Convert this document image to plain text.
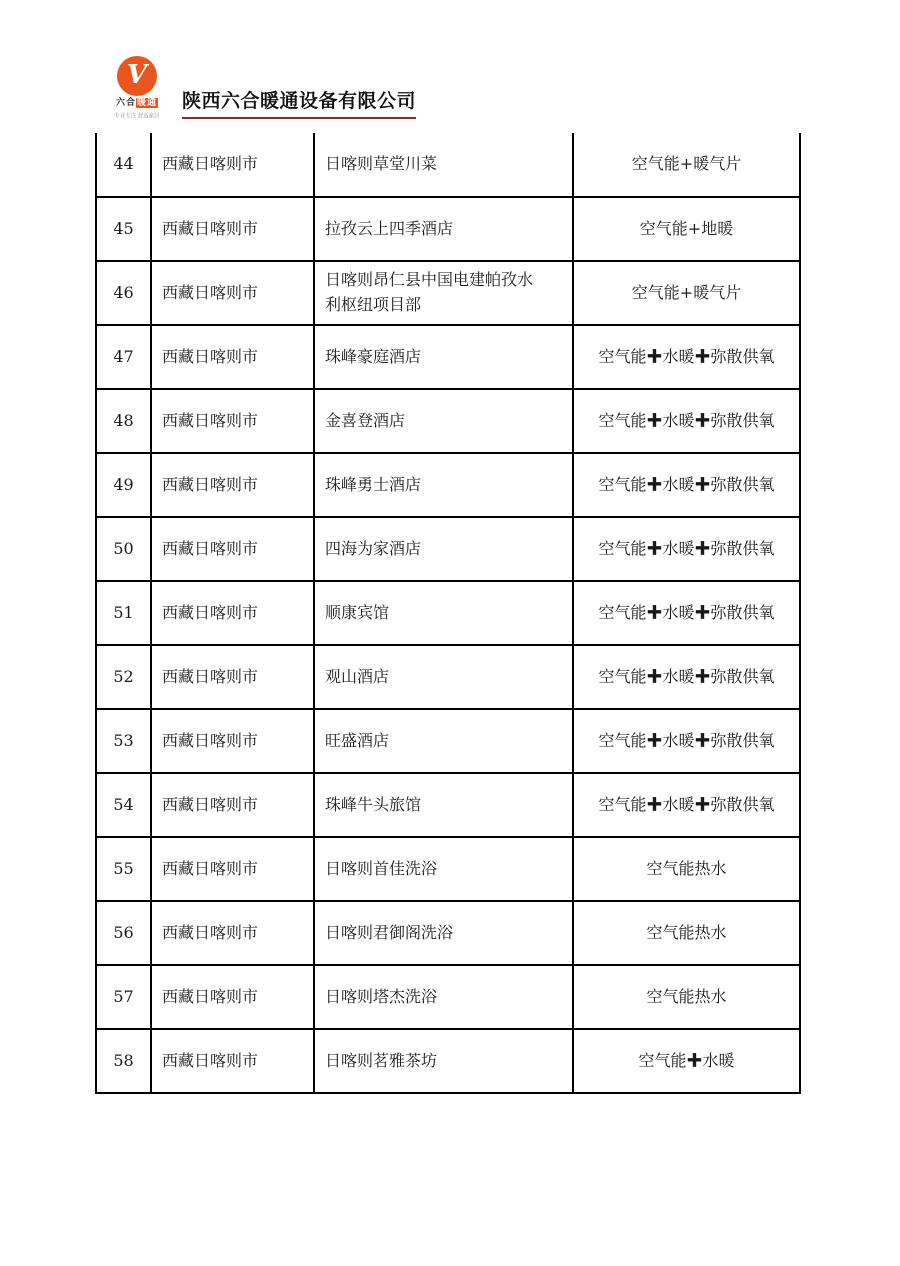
V
六合暖通
专业专注 舒适家居
陕西六合暖通设备有限公司
44	西藏日喀则市	日喀则草堂川菜	空气能+暖气片
45	西藏日喀则市	拉孜云上四季酒店	空气能+地暖
46	西藏日喀则市	日喀则昂仁县中国电建帕孜水利枢纽项目部	空气能+暖气片
47	西藏日喀则市	珠峰豪庭酒店	空气能✚水暖✚弥散供氧
48	西藏日喀则市	金喜登酒店	空气能✚水暖✚弥散供氧
49	西藏日喀则市	珠峰勇士酒店	空气能✚水暖✚弥散供氧
50	西藏日喀则市	四海为家酒店	空气能✚水暖✚弥散供氧
51	西藏日喀则市	顺康宾馆	空气能✚水暖✚弥散供氧
52	西藏日喀则市	观山酒店	空气能✚水暖✚弥散供氧
53	西藏日喀则市	旺盛酒店	空气能✚水暖✚弥散供氧
54	西藏日喀则市	珠峰牛头旅馆	空气能✚水暖✚弥散供氧
55	西藏日喀则市	日喀则首佳洗浴	空气能热水
56	西藏日喀则市	日喀则君御阁洗浴	空气能热水
57	西藏日喀则市	日喀则塔杰洗浴	空气能热水
58	西藏日喀则市	日喀则茗雅茶坊	空气能✚水暖
